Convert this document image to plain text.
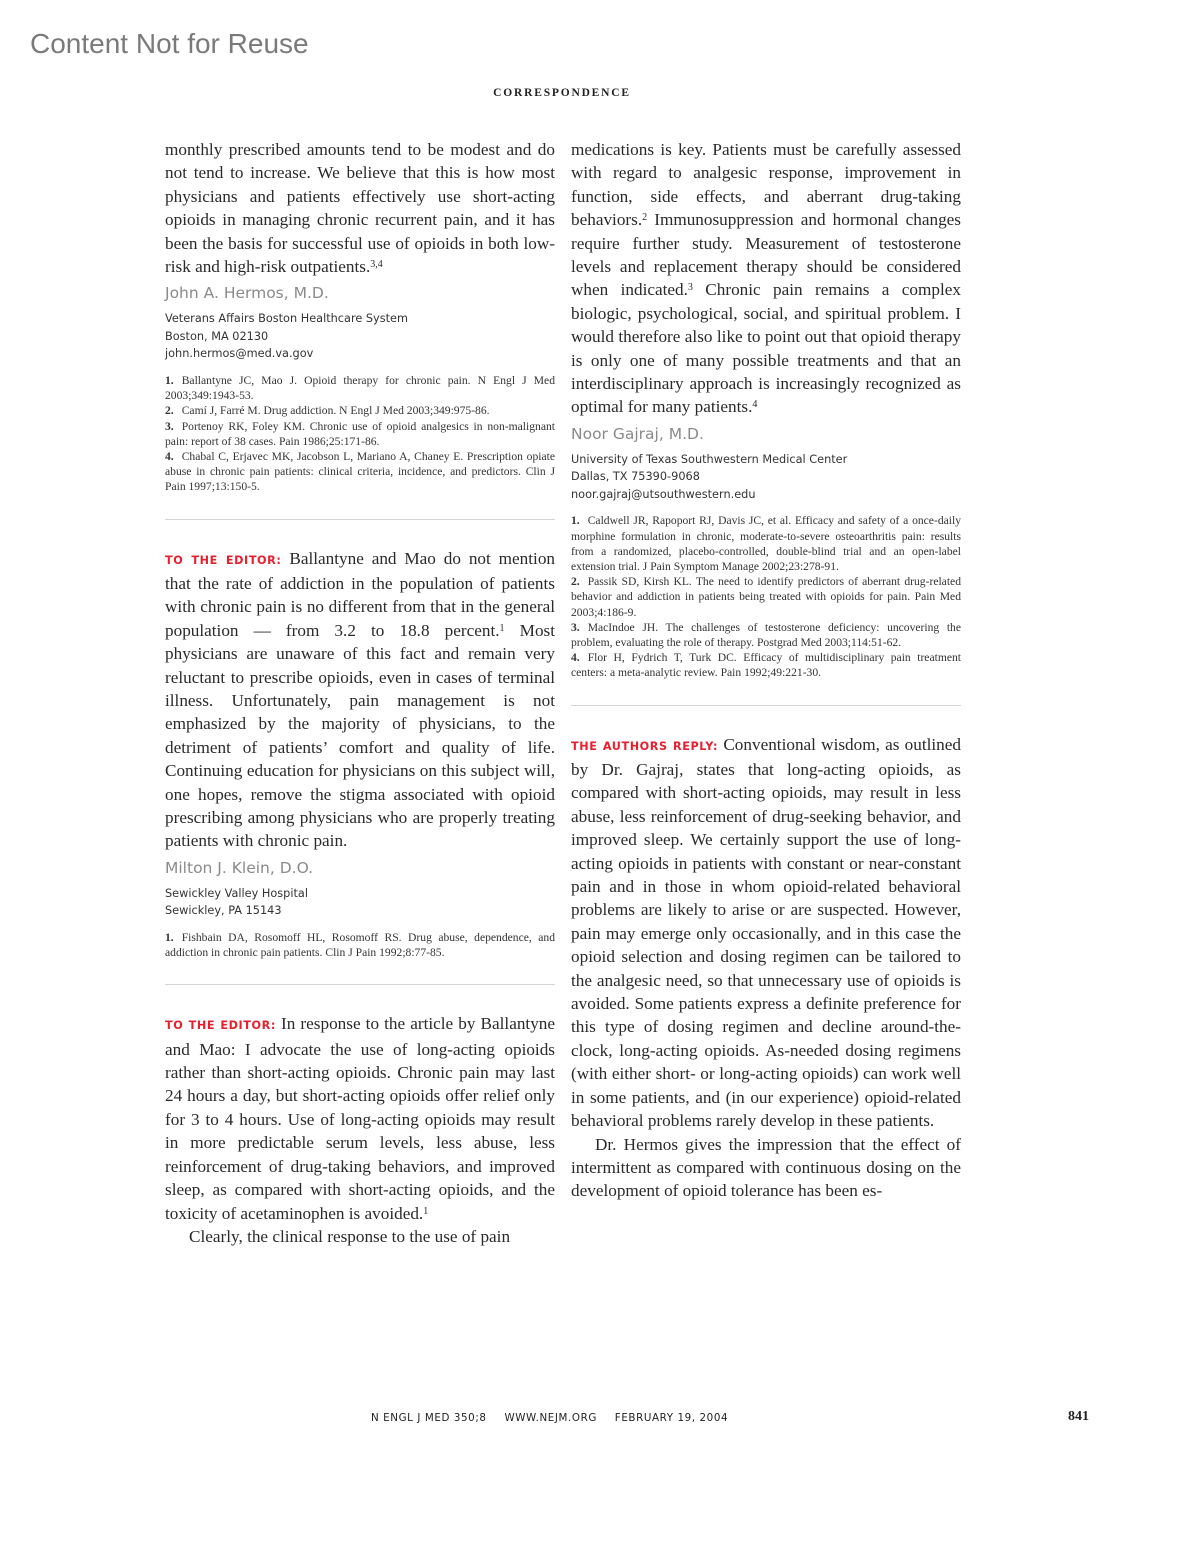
Content Not for Reuse
CORRESPONDENCE

monthly prescribed amounts tend to be modest and do not tend to increase. We believe that this is how most physicians and patients effectively use short-acting opioids in managing chronic recurrent pain, and it has been the basis for successful use of opioids in both low-risk and high-risk outpatients.$^{3,4}$

John A. Hermos, M.D.
Veterans Affairs Boston Healthcare System
Boston, MA 02130
john.hermos@med.va.gov
1. Ballantyne JC, Mao J. Opioid therapy for chronic pain. N Engl J Med 2003;349:1943-53.
2. Camí J, Farré M. Drug addiction. N Engl J Med 2003;349:975-86.
3. Portenoy RK, Foley KM. Chronic use of opioid analgesics in non-malignant pain: report of 38 cases. Pain 1986;25:171-86.
4. Chabal C, Erjavec MK, Jacobson L, Mariano A, Chaney E. Prescription opiate abuse in chronic pain patients: clinical criteria, incidence, and predictors. Clin J Pain 1997;13:150-5.

TO THE EDITOR: Ballantyne and Mao do not mention that the rate of addiction in the population of patients with chronic pain is no different from that in the general population — from 3.2 to 18.8 percent.$^1$ Most physicians are unaware of this fact and remain very reluctant to prescribe opioids, even in cases of terminal illness. Unfortunately, pain management is not emphasized by the majority of physicians, to the detriment of patients’ comfort and quality of life. Continuing education for physicians on this subject will, one hopes, remove the stigma associated with opioid prescribing among physicians who are properly treating patients with chronic pain.

Milton J. Klein, D.O.
Sewickley Valley Hospital
Sewickley, PA 15143
1. Fishbain DA, Rosomoff HL, Rosomoff RS. Drug abuse, dependence, and addiction in chronic pain patients. Clin J Pain 1992;8:77-85.

TO THE EDITOR: In response to the article by Ballantyne and Mao: I advocate the use of long-acting opioids rather than short-acting opioids. Chronic pain may last 24 hours a day, but short-acting opioids offer relief only for 3 to 4 hours. Use of long-acting opioids may result in more predictable serum levels, less abuse, less reinforcement of drug-taking behaviors, and improved sleep, as compared with short-acting opioids, and the toxicity of acetaminophen is avoided.$^1$

Clearly, the clinical response to the use of pain

medications is key. Patients must be carefully assessed with regard to analgesic response, improvement in function, side effects, and aberrant drug-taking behaviors.$^2$ Immunosuppression and hormonal changes require further study. Measurement of testosterone levels and replacement therapy should be considered when indicated.$^3$ Chronic pain remains a complex biologic, psychological, social, and spiritual problem. I would therefore also like to point out that opioid therapy is only one of many possible treatments and that an interdisciplinary approach is increasingly recognized as optimal for many patients.$^4$

Noor Gajraj, M.D.
University of Texas Southwestern Medical Center
Dallas, TX 75390-9068
noor.gajraj@utsouthwestern.edu
1. Caldwell JR, Rapoport RJ, Davis JC, et al. Efficacy and safety of a once-daily morphine formulation in chronic, moderate-to-severe osteoarthritis pain: results from a randomized, placebo-controlled, double-blind trial and an open-label extension trial. J Pain Symptom Manage 2002;23:278-91.
2. Passik SD, Kirsh KL. The need to identify predictors of aberrant drug-related behavior and addiction in patients being treated with opioids for pain. Pain Med 2003;4:186-9.
3. MacIndoe JH. The challenges of testosterone deficiency: uncovering the problem, evaluating the role of therapy. Postgrad Med 2003;114:51-62.
4. Flor H, Fydrich T, Turk DC. Efficacy of multidisciplinary pain treatment centers: a meta-analytic review. Pain 1992;49:221-30.

THE AUTHORS REPLY: Conventional wisdom, as outlined by Dr. Gajraj, states that long-acting opioids, as compared with short-acting opioids, may result in less abuse, less reinforcement of drug-seeking behavior, and improved sleep. We certainly support the use of long-acting opioids in patients with constant or near-constant pain and in those in whom opioid-related behavioral problems are likely to arise or are suspected. However, pain may emerge only occasionally, and in this case the opioid selection and dosing regimen can be tailored to the analgesic need, so that unnecessary use of opioids is avoided. Some patients express a definite preference for this type of dosing regimen and decline around-the-clock, long-acting opioids. As-needed dosing regimens (with either short- or long-acting opioids) can work well in some patients, and (in our experience) opioid-related behavioral problems rarely develop in these patients.

Dr. Hermos gives the impression that the effect of intermittent as compared with continuous dosing on the development of opioid tolerance has been es-

N ENGL J MED 350;8 WWW.NEJM.ORG FEBRUARY 19, 2004	841
